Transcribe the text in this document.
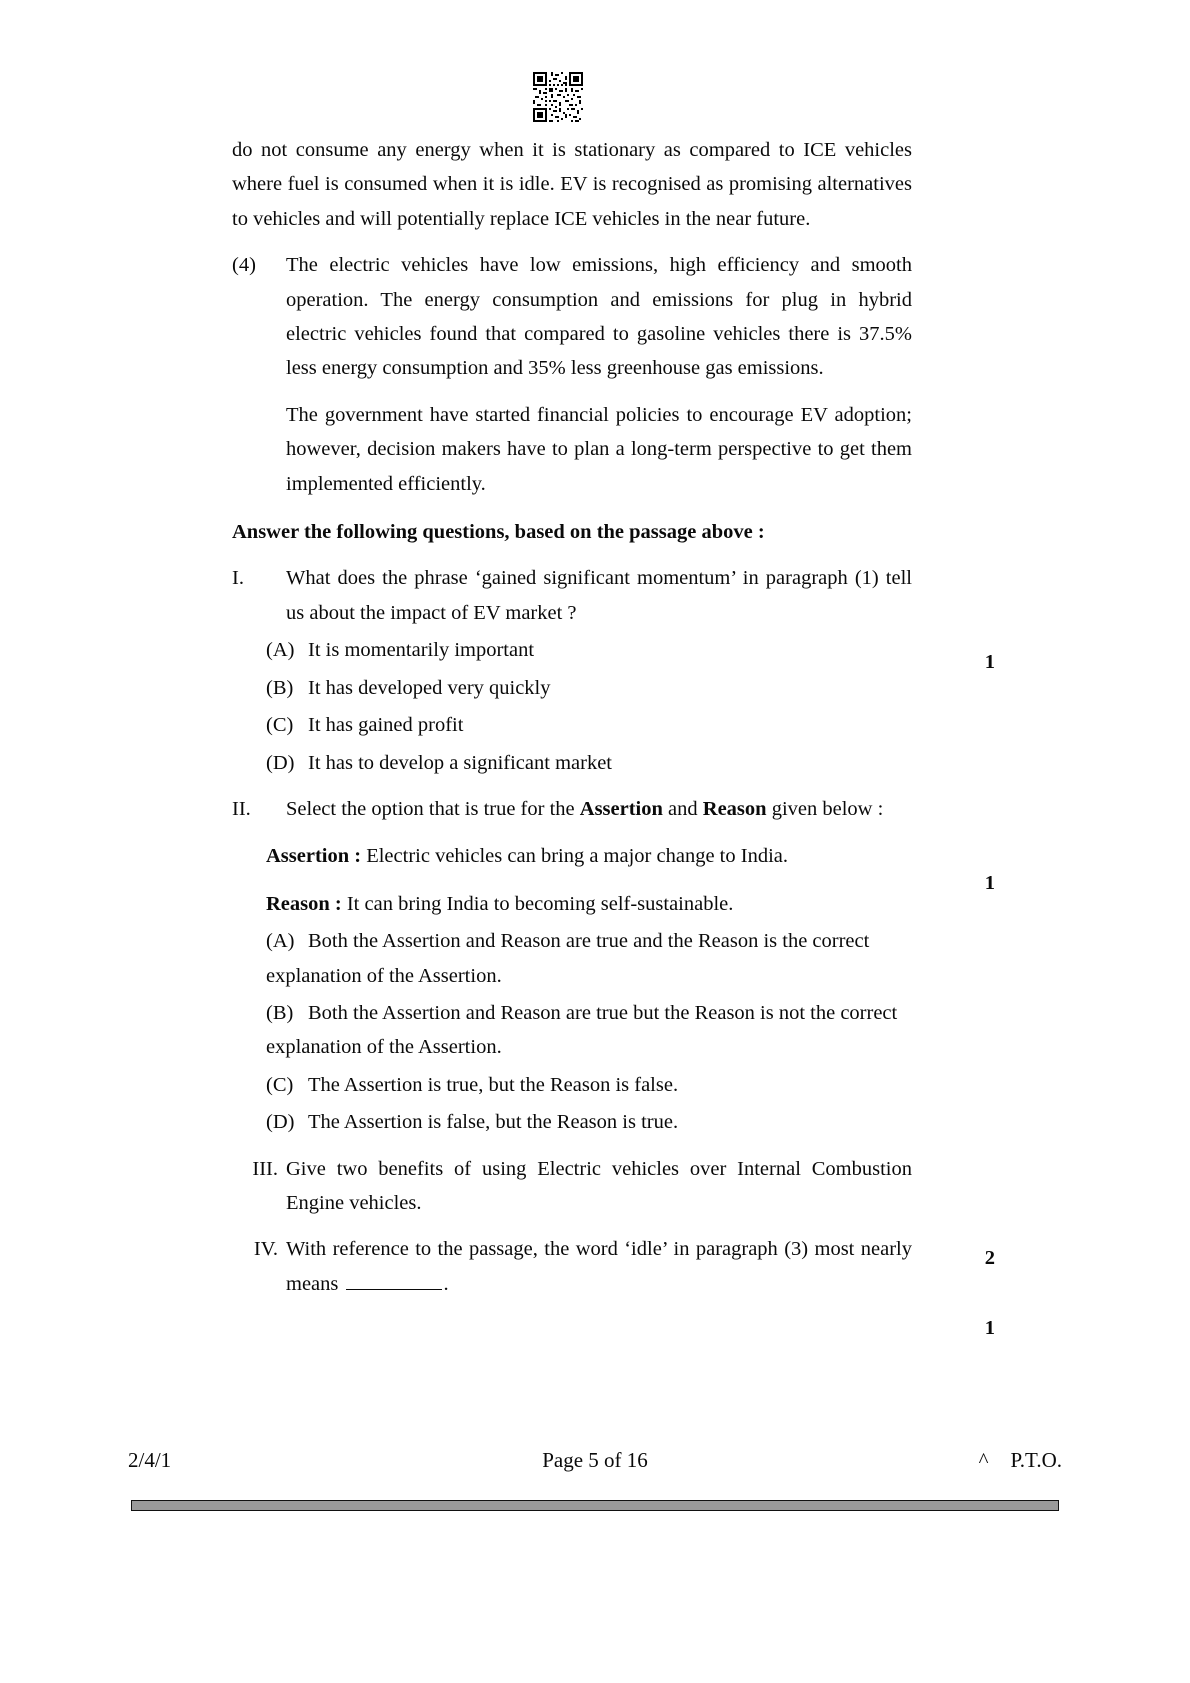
do not consume any energy when it is stationary as compared to ICE vehicles where fuel is consumed when it is idle. EV is recognised as promising alternatives to vehicles and will potentially replace ICE vehicles in the near future.

(4)	The electric vehicles have low emissions, high efficiency and smooth operation. The energy consumption and emissions for plug in hybrid electric vehicles found that compared to gasoline vehicles there is 37.5% less energy consumption and 35% less greenhouse gas emissions.
The government have started financial policies to encourage EV adoption; however, decision makers have to plan a long-term perspective to get them implemented efficiently.
Answer the following questions, based on the passage above :
I.	What does the phrase ‘gained significant momentum’ in paragraph (1) tell us about the impact of EV market ?
(A) It is momentarily important
(B) It has developed very quickly
(C) It has gained profit
(D) It has to develop a significant market
II.	Select the option that is true for the Assertion and Reason given below :
Assertion : Electric vehicles can bring a major change to India.
Reason : It can bring India to becoming self-sustainable.
(A) Both the Assertion and Reason are true and the Reason is the correct explanation of the Assertion.
(B) Both the Assertion and Reason are true but the Reason is not the correct explanation of the Assertion.
(C) The Assertion is true, but the Reason is false.
(D) The Assertion is false, but the Reason is true.
III. Give two benefits of using Electric vehicles over Internal Combustion Engine vehicles.
IV. With reference to the passage, the word ‘idle’ in paragraph (3) most nearly means	.
1
1
2
1
2/4/1	Page 5 of 16	^ P.T.O.
